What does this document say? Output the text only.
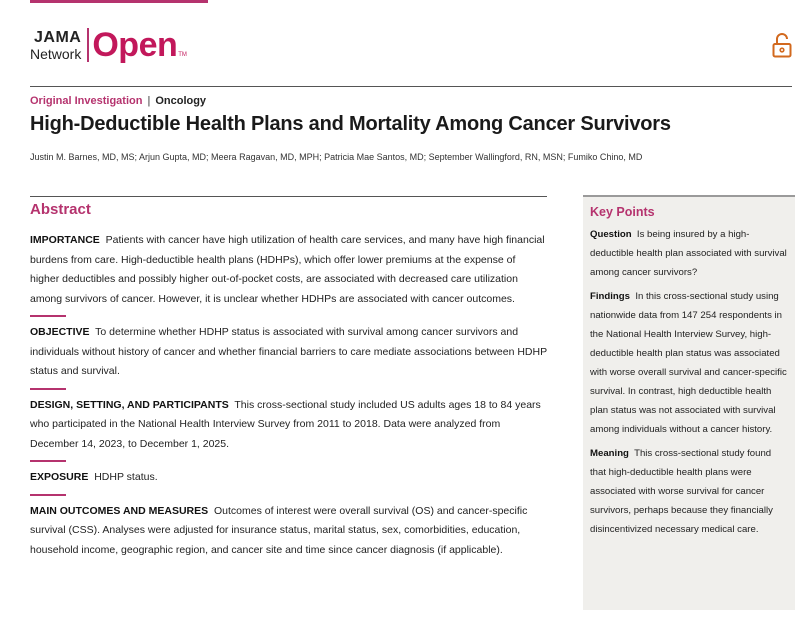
JAMA
Network Open TM
Original Investigation | Oncology
High-Deductible Health Plans and Mortality Among Cancer Survivors
Justin M. Barnes, MD, MS; Arjun Gupta, MD; Meera Ragavan, MD, MPH; Patricia Mae Santos, MD; September Wallingford, RN, MSN; Fumiko Chino, MD
Abstract

IMPORTANCE Patients with cancer have high utilization of health care services, and many have high financial burdens from care. High-deductible health plans (HDHPs), which offer lower premiums at the expense of higher deductibles and possibly higher out-of-pocket costs, are associated with decreased care utilization among survivors of cancer. However, it is unclear whether HDHPs are associated with cancer outcomes.

OBJECTIVE To determine whether HDHP status is associated with survival among cancer survivors and individuals without history of cancer and whether financial barriers to care mediate associations between HDHP status and survival.

DESIGN, SETTING, AND PARTICIPANTS This cross-sectional study included US adults ages 18 to 84 years who participated in the National Health Interview Survey from 2011 to 2018. Data were analyzed from December 14, 2023, to December 1, 2025.

EXPOSURE HDHP status.

MAIN OUTCOMES AND MEASURES Outcomes of interest were overall survival (OS) and cancer-specific survival (CSS). Analyses were adjusted for insurance status, marital status, sex, comorbidities, education, household income, geographic region, and cancer site and time since cancer diagnosis (if applicable).

Key Points

Question Is being insured by a high-deductible health plan associated with survival among cancer survivors?

Findings In this cross-sectional study using nationwide data from 147 254 respondents in the National Health Interview Survey, high-deductible health plan status was associated with worse overall survival and cancer-specific survival. In contrast, high deductible health plan status was not associated with survival among individuals without a cancer history.

Meaning This cross-sectional study found that high-deductible health plans were associated with worse survival for cancer survivors, perhaps because they financially disincentivized necessary medical care.
